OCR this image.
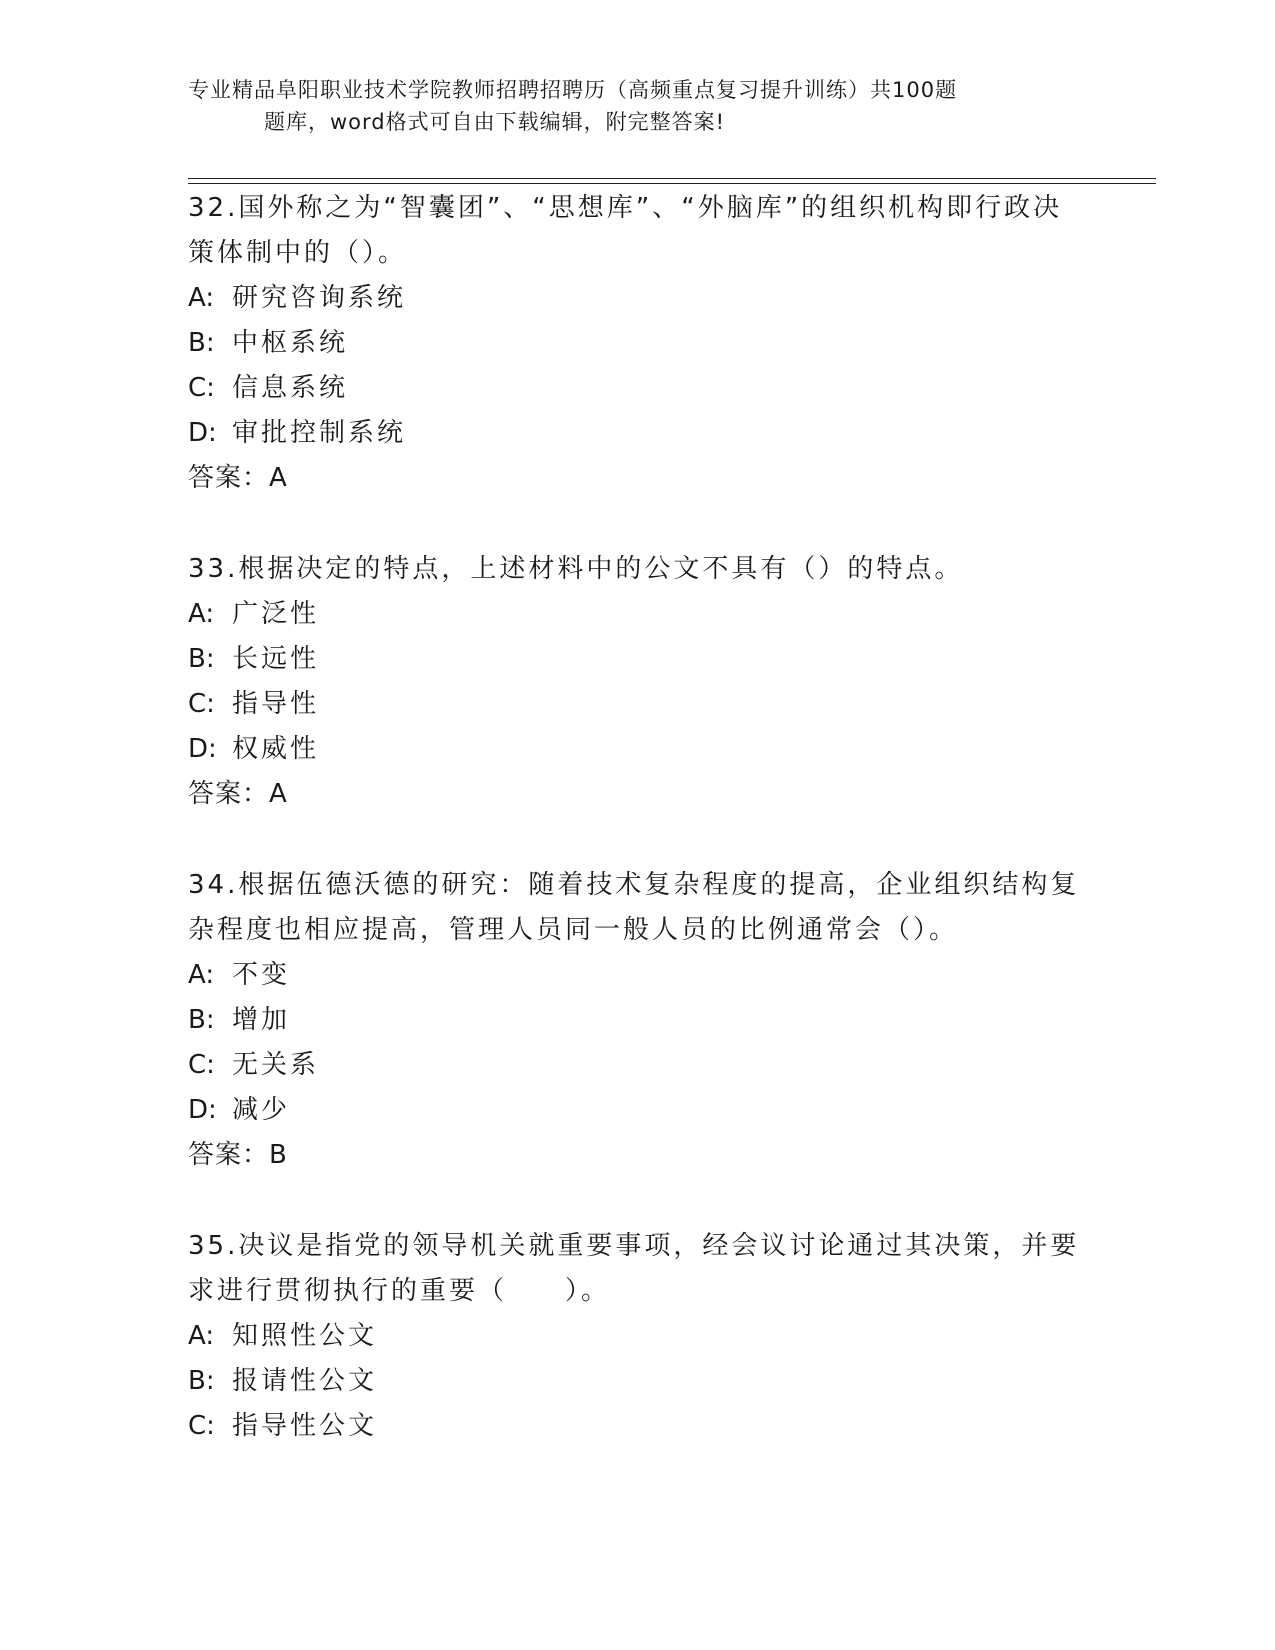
专业精品阜阳职业技术学院教师招聘招聘历（高频重点复习提升训练）共100题
题库，word格式可自由下载编辑，附完整答案!

32.国外称之为“智囊团”、“思想库”、“外脑库”的组织机构即行政决策体制中的（）。

A: 研究咨询系统

B: 中枢系统

C: 信息系统

D: 审批控制系统

答案：A

33.根据决定的特点，上述材料中的公文不具有（）的特点。

A: 广泛性

B: 长远性

C: 指导性

D: 权威性

答案：A

34.根据伍德沃德的研究：随着技术复杂程度的提高，企业组织结构复杂程度也相应提高，管理人员同一般人员的比例通常会（）。

A: 不变

B: 增加

C: 无关系

D: 减少

答案：B

35.决议是指党的领导机关就重要事项，经会议讨论通过其决策，并要求进行贯彻执行的重要（　　）。

A: 知照性公文

B: 报请性公文

C: 指导性公文
